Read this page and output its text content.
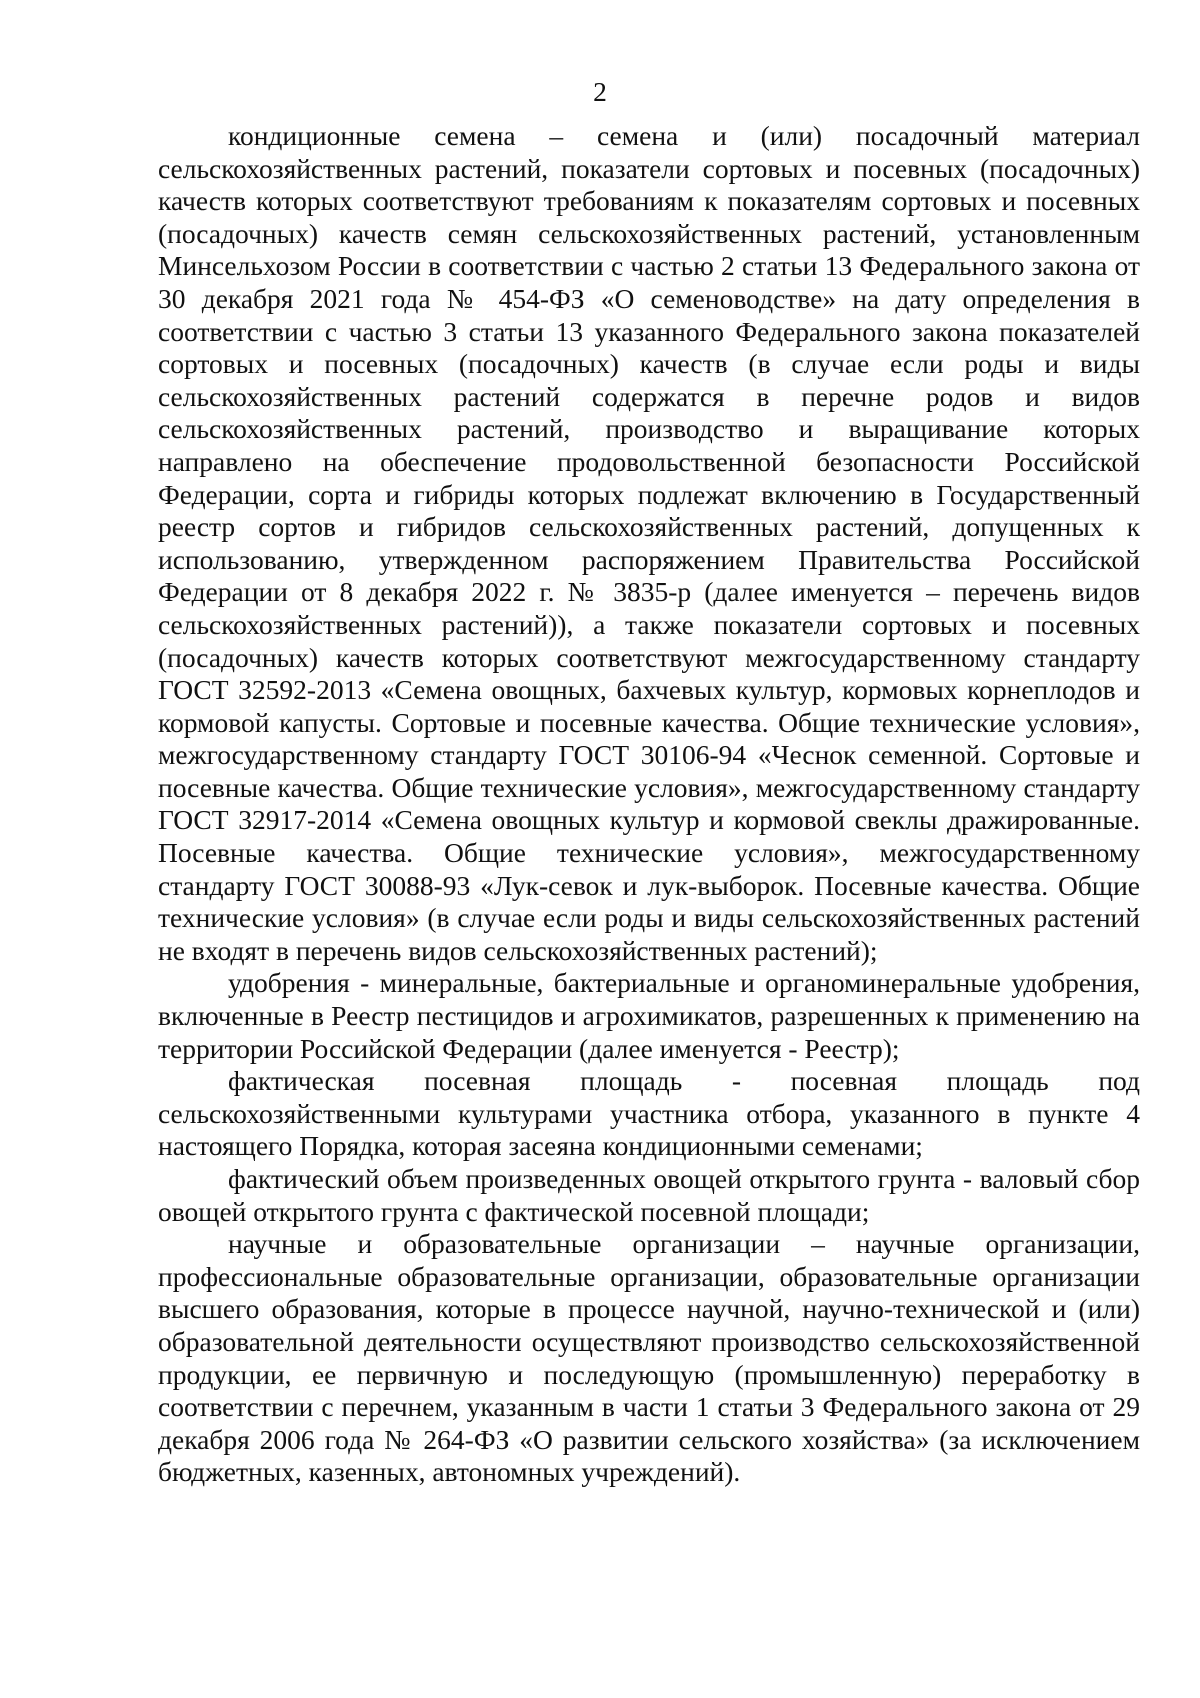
2

кондиционные семена – семена и (или) посадочный материал сельскохозяйственных растений, показатели сортовых и посевных (посадочных) качеств которых соответствуют требованиям к показателям сортовых и посевных (посадочных) качеств семян сельскохозяйственных растений, установленным Минсельхозом России в соответствии с частью 2 статьи 13 Федерального закона от 30 декабря 2021 года № 454-ФЗ «О семеноводстве» на дату определения в соответствии с частью 3 статьи 13 указанного Федерального закона показателей сортовых и посевных (посадочных) качеств (в случае если роды и виды сельскохозяйственных растений содержатся в перечне родов и видов сельскохозяйственных растений, производство и выращивание которых направлено на обеспечение продовольственной безопасности Российской Федерации, сорта и гибриды которых подлежат включению в Государственный реестр сортов и гибридов сельскохозяйственных растений, допущенных к использованию, утвержденном распоряжением Правительства Российской Федерации от 8 декабря 2022 г. № 3835-р (далее именуется – перечень видов сельскохозяйственных растений)), а также показатели сортовых и посевных (посадочных) качеств которых соответствуют межгосударственному стандарту ГОСТ 32592-2013 «Семена овощных, бахчевых культур, кормовых корнеплодов и кормовой капусты. Сортовые и посевные качества. Общие технические условия», межгосударственному стандарту ГОСТ 30106-94 «Чеснок семенной. Сортовые и посевные качества. Общие технические условия», межгосударственному стандарту ГОСТ 32917-2014 «Семена овощных культур и кормовой свеклы дражированные. Посевные качества. Общие технические условия», межгосударственному стандарту ГОСТ 30088-93 «Лук-севок и лук-выборок. Посевные качества. Общие технические условия» (в случае если роды и виды сельскохозяйственных растений не входят в перечень видов сельскохозяйственных растений);

удобрения - минеральные, бактериальные и органоминеральные удобрения, включенные в Реестр пестицидов и агрохимикатов, разрешенных к применению на территории Российской Федерации (далее именуется - Реестр);

фактическая посевная площадь - посевная площадь под сельскохозяйственными культурами участника отбора, указанного в пункте 4 настоящего Порядка, которая засеяна кондиционными семенами;

фактический объем произведенных овощей открытого грунта - валовый сбор овощей открытого грунта с фактической посевной площади;

научные и образовательные организации – научные организации, профессиональные образовательные организации, образовательные организации высшего образования, которые в процессе научной, научно-технической и (или) образовательной деятельности осуществляют производство сельскохозяйственной продукции, ее первичную и последующую (промышленную) переработку в соответствии с перечнем, указанным в части 1 статьи 3 Федерального закона от 29 декабря 2006 года № 264-ФЗ «О развитии сельского хозяйства» (за исключением бюджетных, казенных, автономных учреждений).
